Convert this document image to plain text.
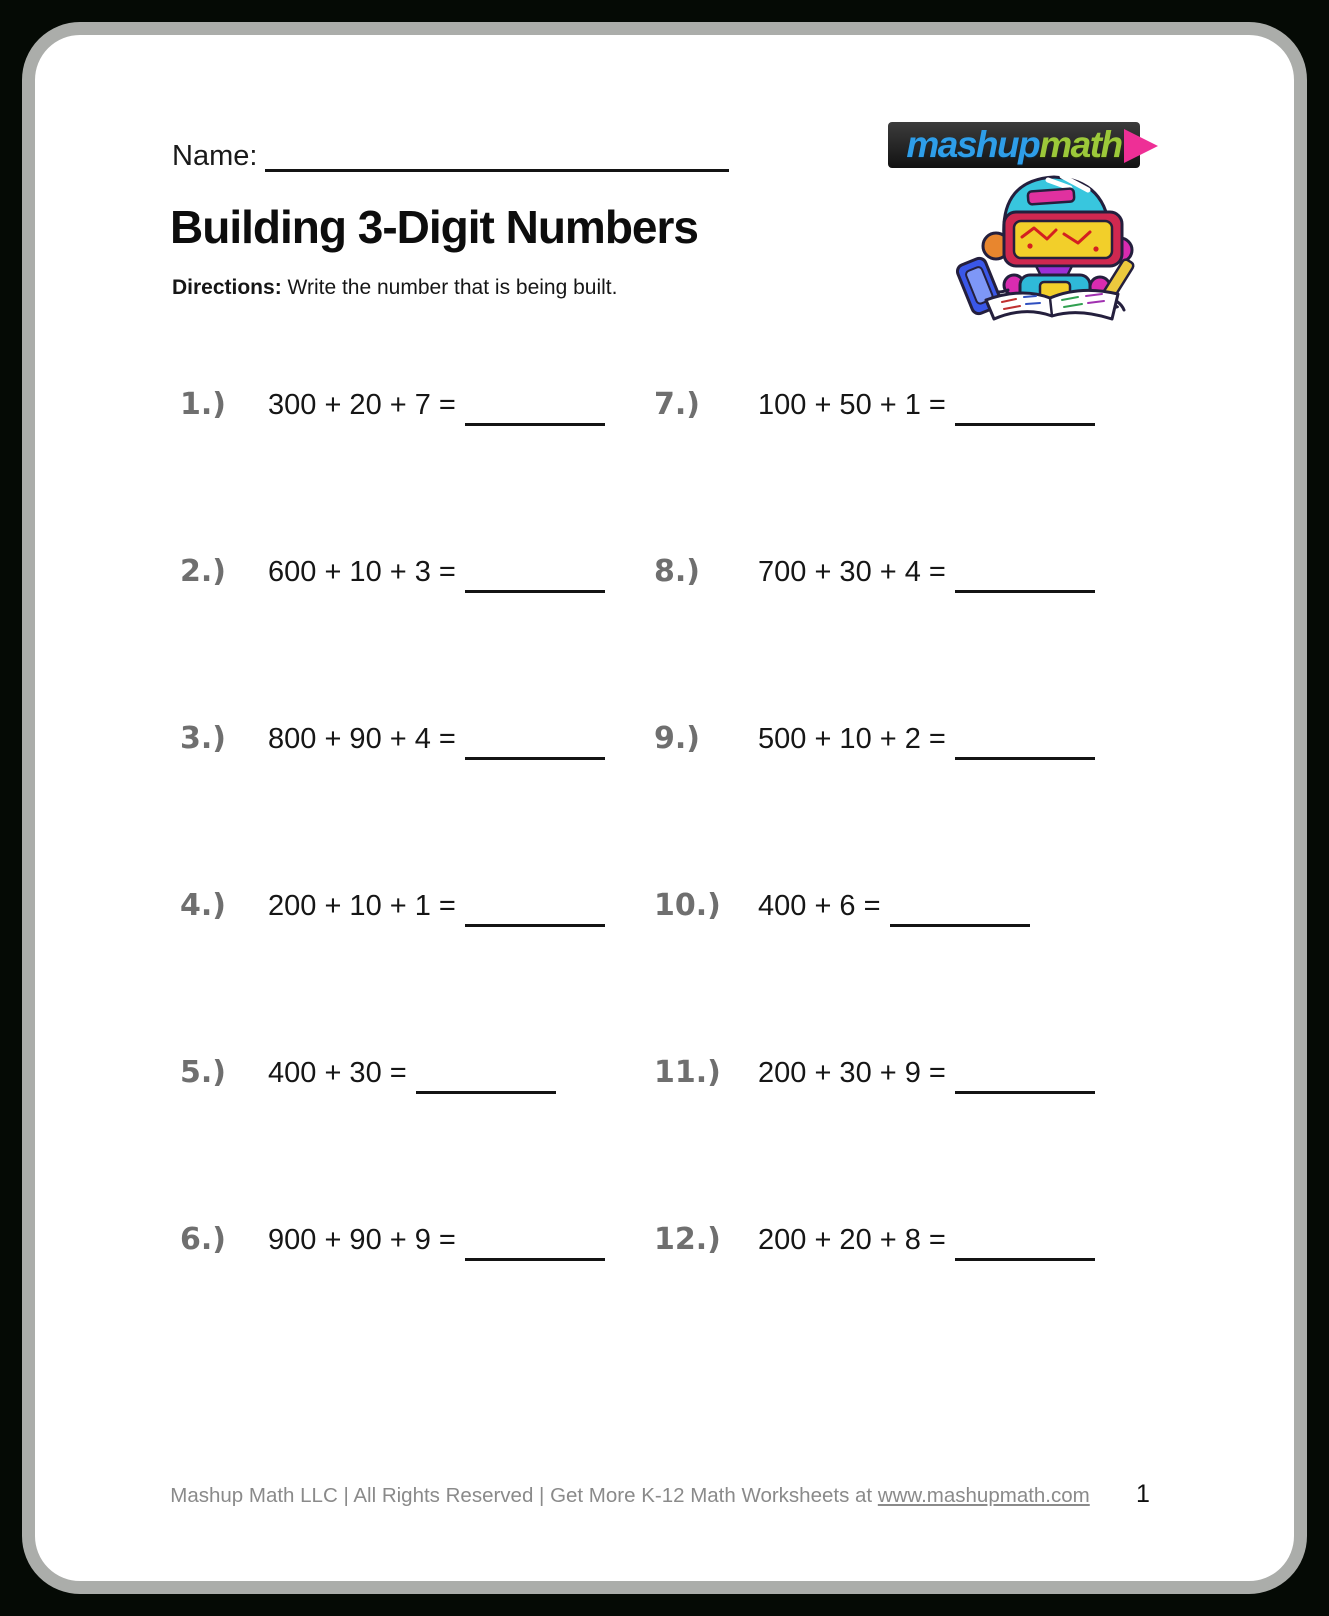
Name:	mashup math
Building 3-Digit Numbers

Directions: Write the number that is being built.

1.) 300 + 20 + 7 =
2.) 600 + 10 + 3 =
3.) 800 + 90 + 4 =
4.) 200 + 10 + 1 =
5.) 400 + 30 =
6.) 900 + 90 + 9 =
7.) 100 + 50 + 1 =
8.) 700 + 30 + 4 =
9.) 500 + 10 + 2 =
10.) 400 + 6 =
11.) 200 + 30 + 9 =
12.) 200 + 20 + 8 =
Mashup Math LLC | All Rights Reserved | Get More K-12 Math Worksheets at www.mashupmath.com	1
